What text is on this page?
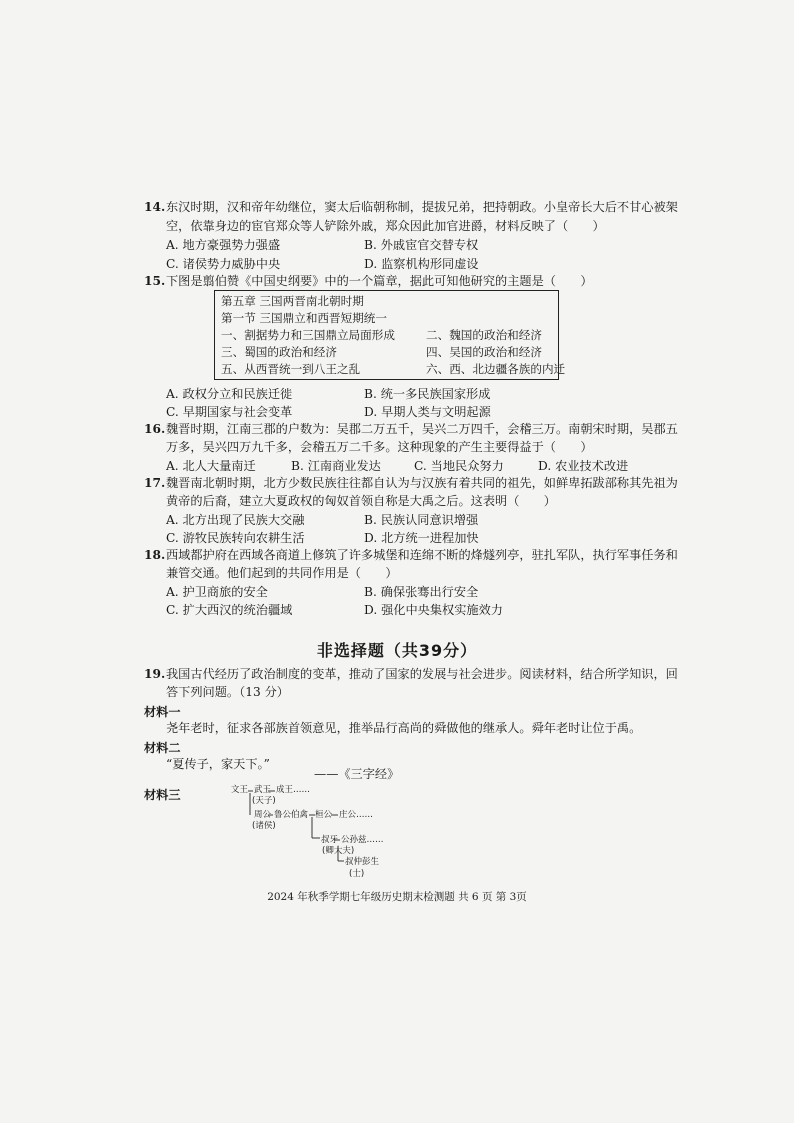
14.东汉时期，汉和帝年幼继位，窦太后临朝称制，提拔兄弟，把持朝政。小皇帝长大后不甘心被架
空，依靠身边的宦官郑众等人铲除外戚，郑众因此加官进爵，材料反映了（　　）
A. 地方豪强势力强盛	B. 外戚宦官交替专权
C. 诸侯势力威胁中央	D. 监察机构形同虚设
15.下图是翦伯赞《中国史纲要》中的一个篇章，据此可知他研究的主题是（　　）
第五章 三国两晋南北朝时期
第一节 三国鼎立和西晋短期统一
一、割据势力和三国鼎立局面形成	二、魏国的政治和经济
三、蜀国的政治和经济	四、吴国的政治和经济
五、从西晋统一到八王之乱	六、西、北边疆各族的内迁
A. 政权分立和民族迁徙	B. 统一多民族国家形成
C. 早期国家与社会变革	D. 早期人类与文明起源
16.魏晋时期，江南三郡的户数为：吴郡二万五千，吴兴二万四千，会稽三万。南朝宋时期，吴郡五
万多，吴兴四万九千多，会稽五万二千多。这种现象的产生主要得益于（　　）
A. 北人大量南迁	B. 江南商业发达	C. 当地民众努力	D. 农业技术改进
17.魏晋南北朝时期，北方少数民族往往都自认为与汉族有着共同的祖先，如鲜卑拓跋部称其先祖为
黄帝的后裔，建立大夏政权的匈奴首领自称是大禹之后。这表明（　　）
A. 北方出现了民族大交融	B. 民族认同意识增强
C. 游牧民族转向农耕生活	D. 北方统一进程加快
18.西域都护府在西域各商道上修筑了许多城堡和连绵不断的烽燧列亭，驻扎军队，执行军事任务和
兼管交通。他们起到的共同作用是（　　）
A. 护卫商旅的安全	B. 确保张骞出行安全
C. 扩大西汉的统治疆域	D. 强化中央集权实施效力
非选择题（共39分）
19.我国古代经历了政治制度的变革，推动了国家的发展与社会进步。阅读材料，结合所学知识，回
答下列问题。（13 分）
材料一
尧年老时，征求各部族首领意见，推举品行高尚的舜做他的继承人。舜年老时让位于禹。
材料二
“夏传子，家天下。”
——《三字经》
材料三	文王 武王 成王……
(天子)
周公 鲁公伯禽 桓公 庄公……
(诸侯)
叔牙 公孙兹……
(卿大夫)
叔仲彭生
(士)
2024 年秋季学期七年级历史期末检测题 共 6 页 第 3页
